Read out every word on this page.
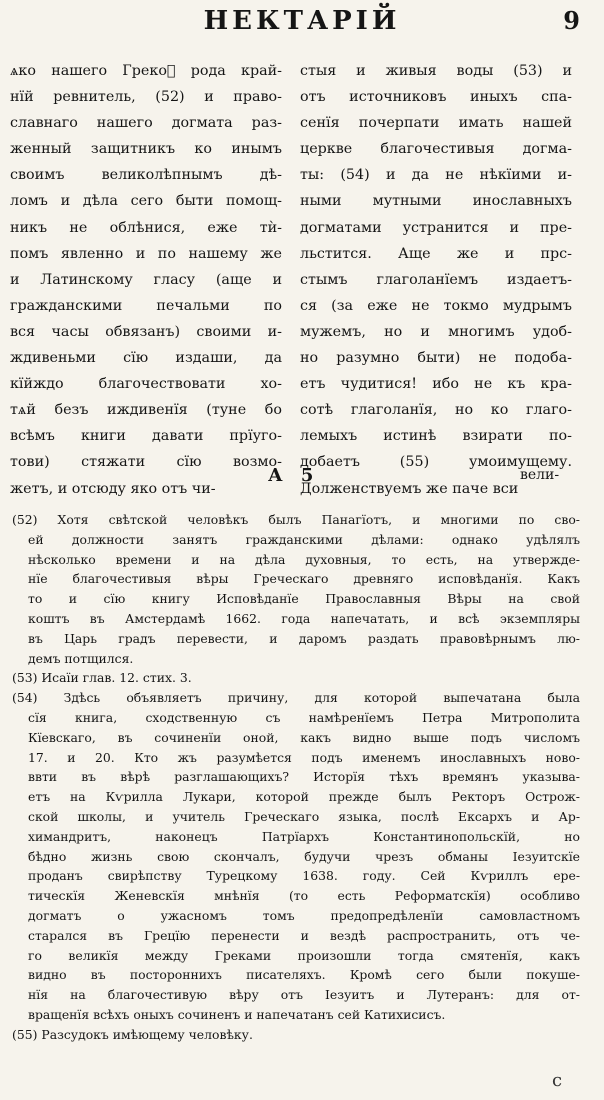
НЕКТАРІЙ	9
ѧко нашего Грекоⷡ рода край-
нїй ревнитель, (52) и право-
славнаго нашего догмата раз-
женный защитникъ ко инымъ
своимъ великолѣпнымъ дѣ-
ломъ и дѣла сего быти помощ-
никъ не облѣнися, еже тѝ-
помъ явленно и по нашему же
и Латинскому гласу (аще и
гражданскими печальми по
вся часы обвязанъ) своими и-
ждивеньми сїю издаши, да
кїйждо благочествовати хо-
тѧй безъ иждивенїя (туне бо
всѣмъ книги давати прїуго-
тови) стяжати сїю возмо-
жетъ, и отсюду яко отъ чи-
стыя и живыя воды (53) и
отъ источниковъ иныхъ спа-
сенїя почерпати имать нашей
церкве благочестивыя догма-
ты: (54) и да не нѣкїими и-
ными мутными инославныхъ
догматами устранится и пре-
льстится. Аще же и прс-
стымъ глаголанїемъ издаетъ-
ся (за еже не токмо мудрымъ
мужемъ, но и многимъ удоб-
но разумно быти) не подоба-
етъ чудитися! ибо не къ кра-
сотѣ глаголанїя, но ко глаго-
лемыхъ истинѣ взирати по-
добаетъ (55) умоимущему.
Долженствуемъ же паче вси
А 5	вели-
(52) Хотя свѣтской человѣкъ былъ Панагїотъ, и многими по сво-
ей должности занятъ гражданскими дѣлами: однако удѣлялъ
нѣсколько времени и на дѣла духовныя, то есть, на утвержде-
нїе благочестивыя вѣры Греческаго древняго исповѣданїя. Какъ
то и сїю книгу Исповѣданїе Православныя Вѣры на свой
коштъ въ Амстердамѣ 1662. года напечатать, и всѣ экземпляры
въ Царь градъ перевести, и даромъ раздать правовѣрнымъ лю-
демъ потщился.
(53) Исаїи глав. 12. стих. 3.
(54) Здѣсь объявляетъ причину, для которой выпечатана была
сїя книга, сходственную съ намѣренїемъ Петра Митрополита
Кїевскаго, въ сочиненїи оной, какъ видно выше подъ числомъ
17. и 20. Кто жъ разумѣется подъ именемъ инославныхъ ново-
ввти въ вѣрѣ разглашающихъ? Исторїя тѣхъ времянъ указыва-
етъ на Кѵрилла Лукари, которой прежде былъ Ректоръ Острож-
ской школы, и учитель Греческаго языка, послѣ Ексархъ и Ар-
химандритъ, наконецъ Патрїархъ Константинопольскїй, но
бѣдно жизнь свою скончалъ, будучи чрезъ обманы Іезуитскїе
проданъ свирѣпству Турецкому 1638. году. Сей Кѵриллъ ере-
тическїя Женевскїя мнѣнїя (то есть Реформатскїя) особливо
догматъ о ужасномъ томъ предопредѣленїи самовластномъ
старался въ Грецїю перенести и вездѣ распространить, отъ че-
го великїя между Греками произошли тогда смятенїя, какъ
видно въ постороннихъ писателяхъ. Кромѣ сего были покуше-
нїя на благочестивую вѣру отъ Іезуитъ и Лутеранъ: для от-
вращенїя всѣхъ оныхъ сочиненъ и напечатанъ сей Катихисисъ.
(55) Разсудокъ имѣющему человѣку.
с
